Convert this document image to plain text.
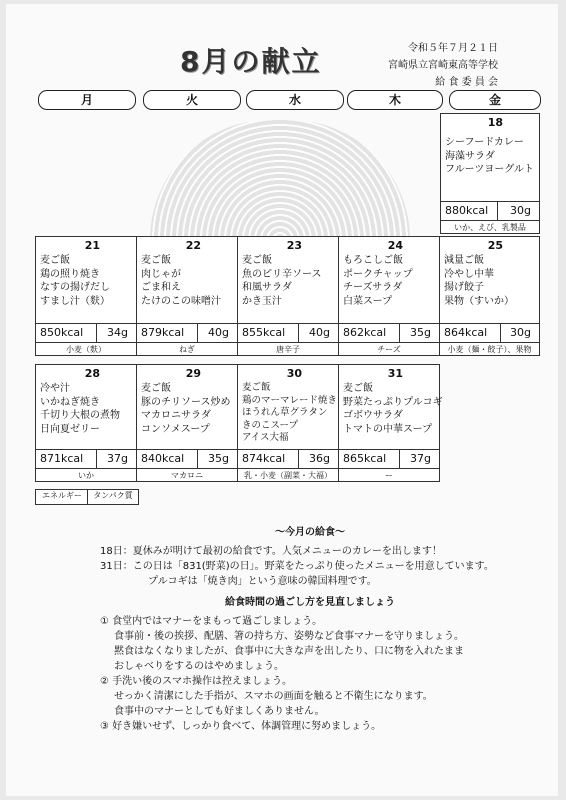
8月の献立	令和５年７月２１日
宮崎県立宮崎東高等学校
給 食 委 員 会
月	火	水	木	金
18
シーフードカレー
海藻サラダ
フルーツヨーグルト
880kcal 30g
いか、えび、乳製品
21
麦ご飯
鶏の照り焼き
なすの揚げだし
すまし汁（麩）
850kcal 34g
22
麦ご飯
肉じゃが
ごま和え
たけのこの味噌汁
879kcal 40g
23
麦ご飯
魚のピリ辛ソース
和風サラダ
かき玉汁
855kcal 40g
24
もろこしご飯
ポークチャップ
チーズサラダ
白菜スープ
862kcal 35g
25
減量ご飯
冷やし中華
揚げ餃子
果物（すいか）
864kcal 30g
小麦（麩）	ねぎ	唐辛子	チーズ	小麦（麺・餃子）、果物
28
冷や汁
いかねぎ焼き
千切り大根の煮物
日向夏ゼリー
871kcal 37g
29
麦ご飯
豚のチリソース炒め
マカロニサラダ
コンソメスープ
840kcal 35g
30
麦ご飯
鶏のマーマレード焼き
ほうれん草グラタン
きのこスープ
アイス大福
874kcal 36g
31
麦ご飯
野菜たっぷりプルコギ
ゴボウサラダ
トマトの中華スープ
865kcal 37g
いか	マカロニ	乳・小麦（副菜・大福）	ー
エネルギー	タンパク質
～今月の給食～
18日：夏休みが明けて最初の給食です。人気メニューのカレーを出します！
31日：この日は「831(野菜)の日」。野菜をたっぷり使ったメニューを用意しています。
プルコギは「焼き肉」という意味の韓国料理です。
給食時間の過ごし方を見直しましょう
① 食堂内ではマナーをまもって過ごしましょう。
食事前・後の挨拶、配膳、箸の持ち方、姿勢など食事マナーを守りましょう。
黙食はなくなりましたが、食事中に大きな声を出したり、口に物を入れたまま
おしゃべりをするのはやめましょう。
② 手洗い後のスマホ操作は控えましょう。
せっかく清潔にした手指が、スマホの画面を触ると不衛生になります。
食事中のマナーとしても好ましくありません。
③ 好き嫌いせず、しっかり食べて、体調管理に努めましょう。
